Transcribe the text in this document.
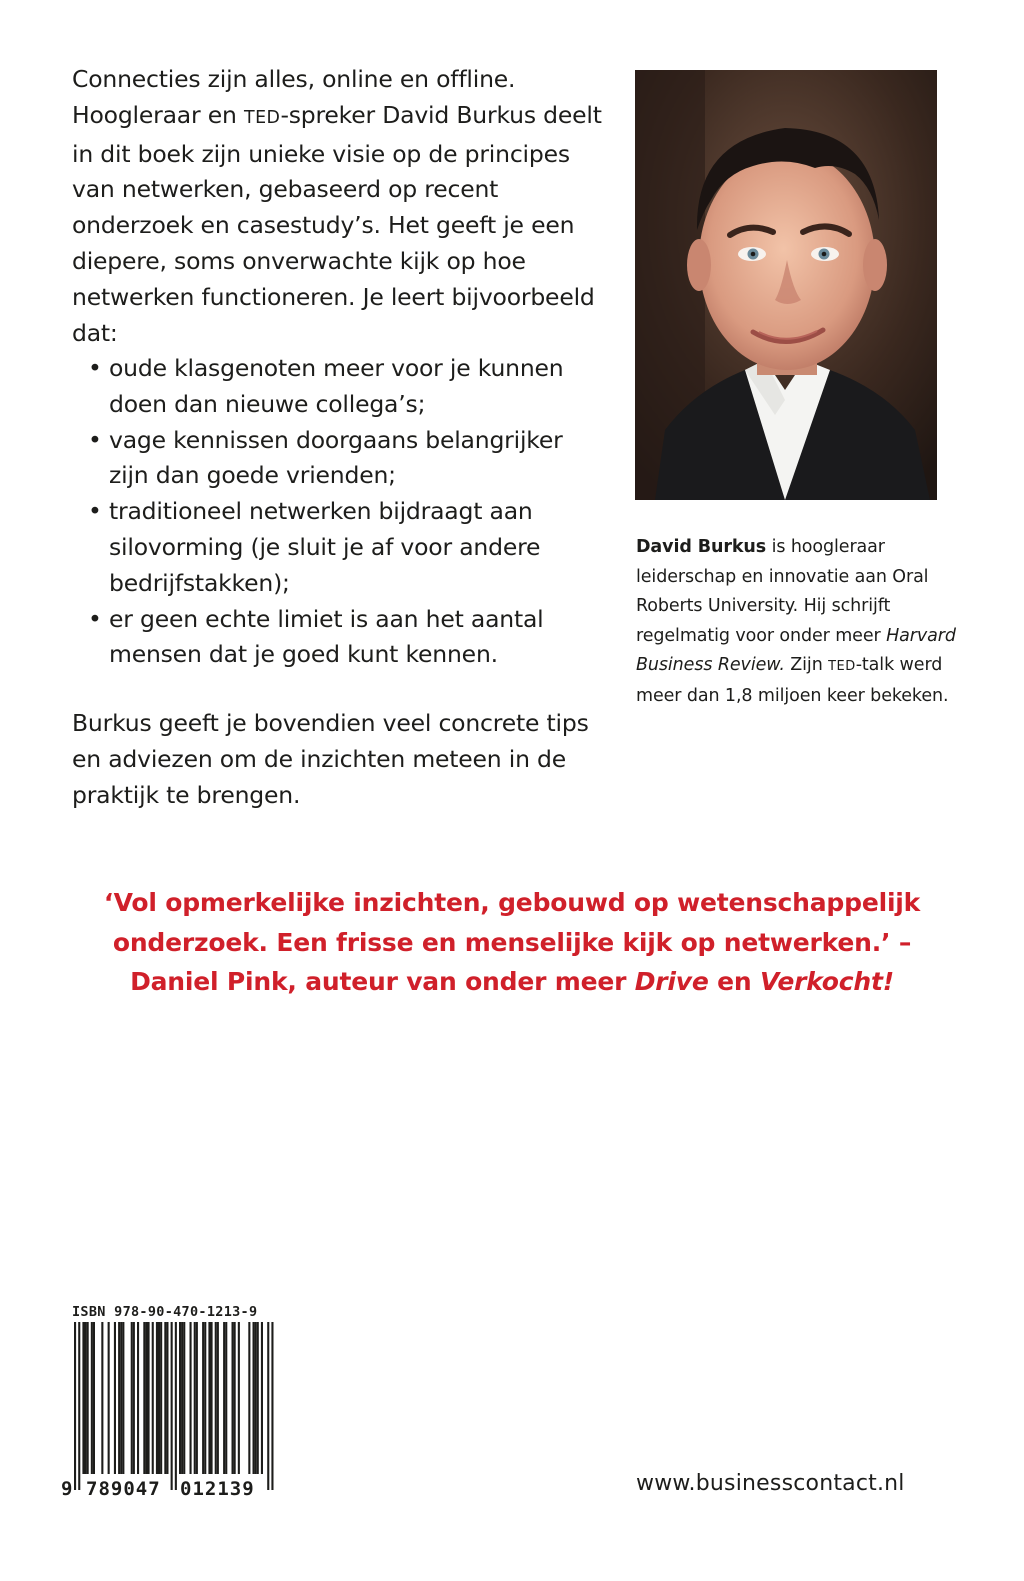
Connecties zijn alles, online en offline.

Hoogleraar en TED-spreker David Burkus deelt in dit boek zijn unieke visie op de principes van netwerken, gebaseerd op recent onderzoek en casestudy’s. Het geeft je een diepere, soms onverwachte kijk op hoe netwerken functioneren. Je leert bijvoorbeeld dat:

• oude klasgenoten meer voor je kunnen doen dan nieuwe collega’s;
• vage kennissen doorgaans belangrijker zijn dan goede vrienden;
• traditioneel netwerken bijdraagt aan silovorming (je sluit je af voor andere bedrijfstakken);
• er geen echte limiet is aan het aantal mensen dat je goed kunt kennen.

Burkus geeft je bovendien veel concrete tips en adviezen om de inzichten meteen in de praktijk te brengen.

David Burkus is hoogleraar leiderschap en innovatie aan Oral Roberts University. Hij schrijft regelmatig voor onder meer Harvard Business Review. Zijn TED-talk werd meer dan 1,8 miljoen keer bekeken.

‘Vol opmerkelijke inzichten, gebouwd op wetenschappelijk onderzoek. Een frisse en menselijke kijk op netwerken.’ – Daniel Pink, auteur van onder meer Drive en Verkocht!

ISBN 978-90-470-1213-9

9 789047 012139	www.businesscontact.nl
